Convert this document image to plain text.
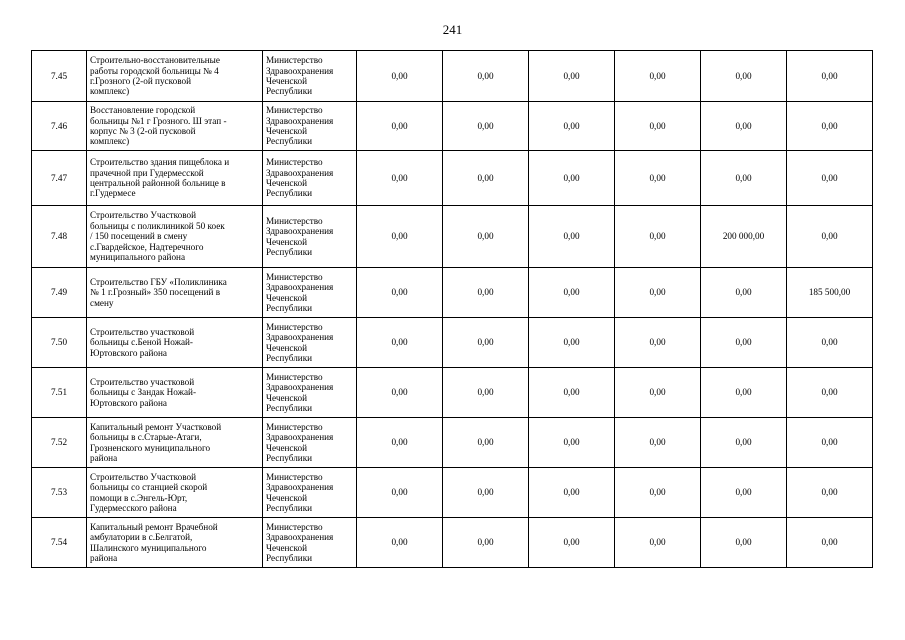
241
7.45	Строительно-восстановительные
работы городской больницы № 4
г.Грозного (2-ой пусковой
комплекс)	Министерство
Здравоохранения
Чеченской
Республики	0,00	0,00	0,00	0,00	0,00	0,00
7.46	Восстановление городской
больницы №1 г Грозного. Ш этап -
корпус № 3 (2-ой пусковой
комплекс)	Министерство
Здравоохранения
Чеченской
Республики	0,00	0,00	0,00	0,00	0,00	0,00
7.47	Строительство здания пищеблока и
прачечной при Гудермесской
центральной районной больнице в
г.Гудермесе	Министерство
Здравоохранения
Чеченской
Республики	0,00	0,00	0,00	0,00	0,00	0,00
7.48	Строительство Участковой
больницы с поликлиникой 50 коек
/ 150 посещений в смену
с.Гвардейское, Надтеречного
муниципального района	Министерство
Здравоохранения
Чеченской
Республики	0,00	0,00	0,00	0,00	200 000,00	0,00
7.49	Строительство ГБУ «Поликлиника
№ 1 г.Грозный» 350 посещений в
смену	Министерство
Здравоохранения
Чеченской
Республики	0,00	0,00	0,00	0,00	0,00	185 500,00
7.50	Строительство участковой
больницы с.Беной Ножай-
Юртовского района	Министерство
Здравоохранения
Чеченской
Республики	0,00	0,00	0,00	0,00	0,00	0,00
7.51	Строительство участковой
больницы с Зандак Ножай-
Юртовского района	Министерство
Здравоохранения
Чеченской
Республики	0,00	0,00	0,00	0,00	0,00	0,00
7.52	Капитальный ремонт Участковой
больницы в с.Старые-Атаги,
Грозненского муниципального
района	Министерство
Здравоохранения
Чеченской
Республики	0,00	0,00	0,00	0,00	0,00	0,00
7.53	Строительство Участковой
больницы со станцией скорой
помощи в с.Энгель-Юрт,
Гудермесского района	Министерство
Здравоохранения
Чеченской
Республики	0,00	0,00	0,00	0,00	0,00	0,00
7.54	Капитальный ремонт Врачебной
амбулатории в с.Белгатой,
Шалинского муниципального
района	Министерство
Здравоохранения
Чеченской
Республики	0,00	0,00	0,00	0,00	0,00	0,00
